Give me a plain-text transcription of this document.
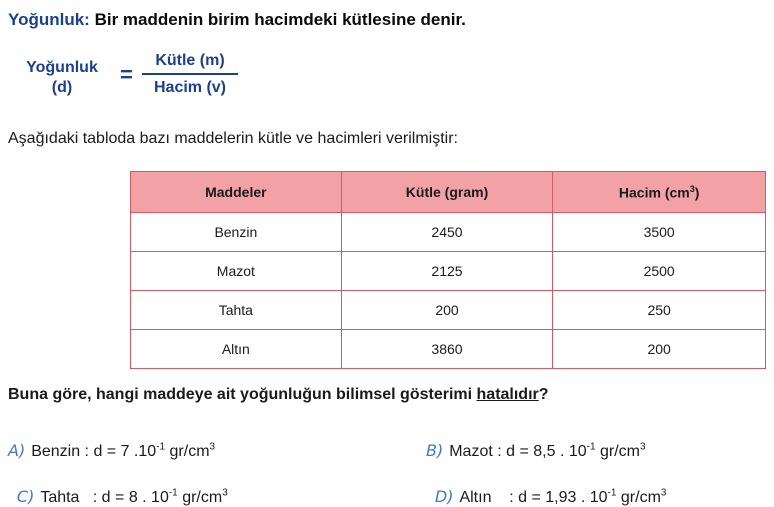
Yoğunluk: Bir maddenin birim hacimdeki kütlesine denir.
Yoğunluk
(d)
=
Kütle (m)
Hacim (v)
Aşağıdaki tabloda bazı maddelerin kütle ve hacimleri verilmiştir:
Maddeler	Kütle (gram)	Hacim $(cm^3)$
Benzin	2450	3500
Mazot	2125	2500
Tahta	200	250
Altın	3860	200
Buna göre, hangi maddeye ait yoğunluğun bilimsel gösterimi hatalıdır?
A) Benzin : d = 7 $.10^{-1}$ $gr/cm^3$	B) Mazot : d = 8,5 . $10^{-1}$ $gr/cm^3$

C) Tahta   : d = 8 . $10^{-1}$ $gr/cm^3$	D) Altın    : d = 1,93 . $10^{-1}$ $gr/cm^3$
